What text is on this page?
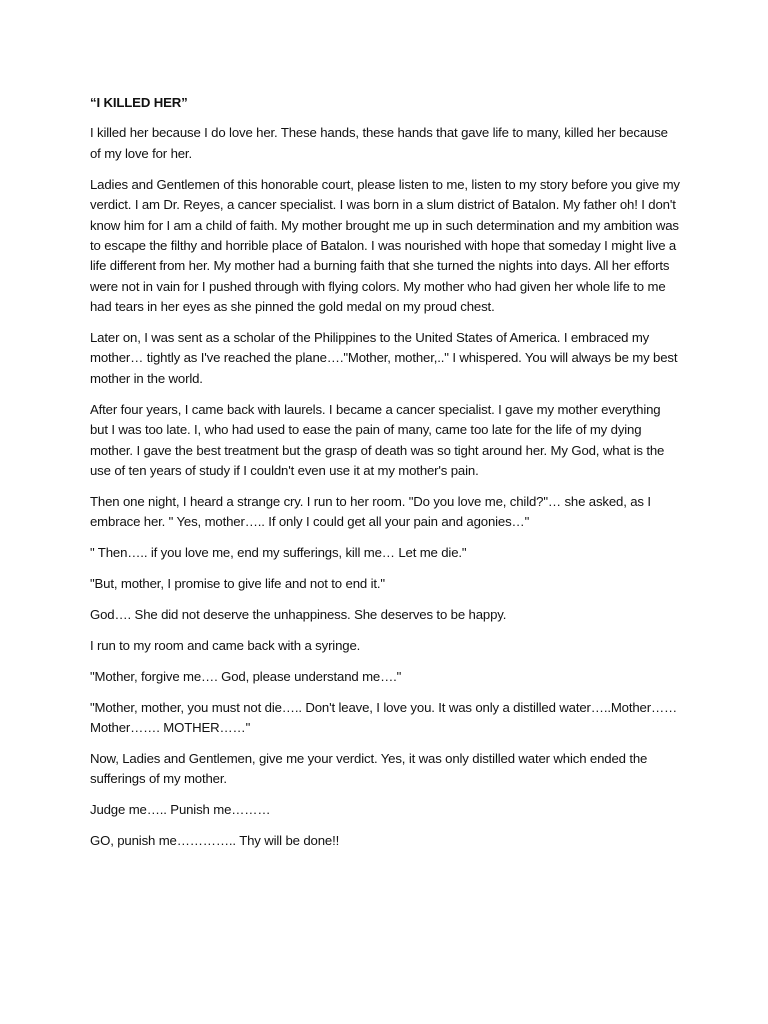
“I KILLED HER”

I killed her because I do love her. These hands, these hands that gave life to many, killed her because of my love for her.

Ladies and Gentlemen of this honorable court, please listen to me, listen to my story before you give my verdict. I am Dr. Reyes, a cancer specialist. I was born in a slum district of Batalon. My father oh! I don't know him for I am a child of faith. My mother brought me up in such determination and my ambition was to escape the filthy and horrible place of Batalon. I was nourished with hope that someday I might live a life different from her. My mother had a burning faith that she turned the nights into days. All her efforts were not in vain for I pushed through with flying colors. My mother who had given her whole life to me had tears in her eyes as she pinned the gold medal on my proud chest.

Later on, I was sent as a scholar of the Philippines to the United States of America. I embraced my mother… tightly as I've reached the plane…."Mother, mother,.." I whispered. You will always be my best mother in the world.

After four years, I came back with laurels. I became a cancer specialist. I gave my mother everything but I was too late. I, who had used to ease the pain of many, came too late for the life of my dying mother. I gave the best treatment but the grasp of death was so tight around her. My God, what is the use of ten years of study if I couldn't even use it at my mother's pain.

Then one night, I heard a strange cry. I run to her room. "Do you love me, child?"… she asked, as I embrace her. " Yes, mother….. If only I could get all your pain and agonies…"

" Then….. if you love me, end my sufferings, kill me… Let me die."

"But, mother, I promise to give life and not to end it."

God…. She did not deserve the unhappiness. She deserves to be happy.

I run to my room and came back with a syringe.

"Mother, forgive me…. God, please understand me…."

"Mother, mother, you must not die….. Don't leave, I love you. It was only a distilled water…..Mother…… Mother……. MOTHER……"

Now, Ladies and Gentlemen, give me your verdict. Yes, it was only distilled water which ended the sufferings of my mother.

Judge me….. Punish me………

GO, punish me………….. Thy will be done!!
